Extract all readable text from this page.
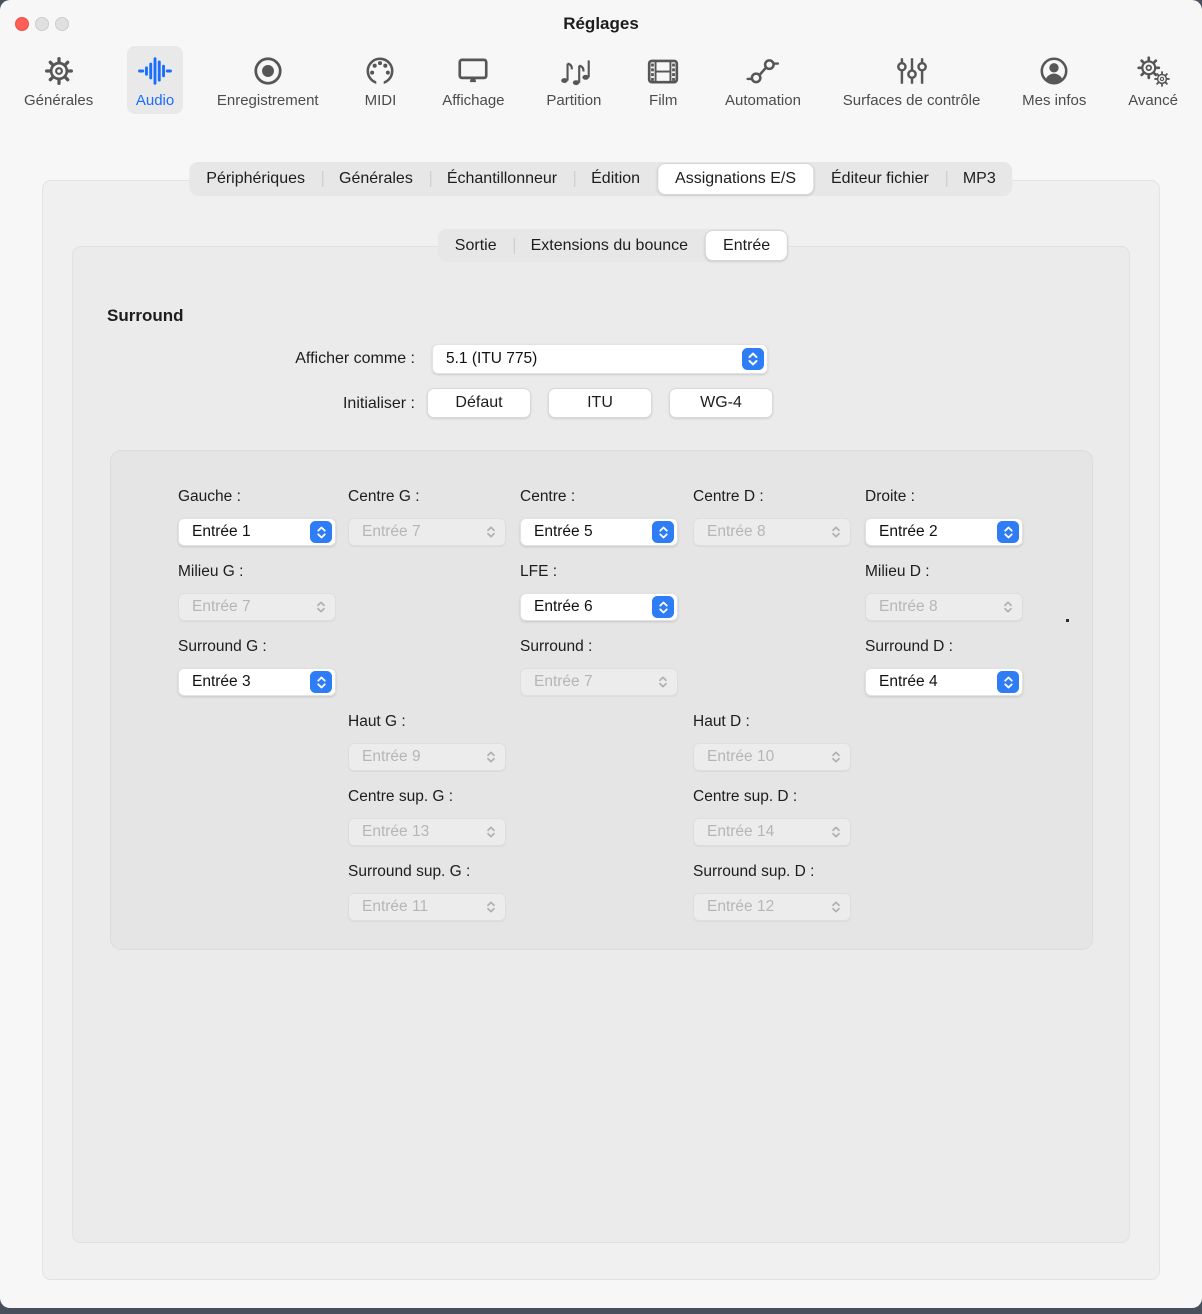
Réglages
Générales	Audio	Enregistrement	MIDI	Affichage	Partition	Film	Automation	Surfaces de contrôle	Mes infos	Avancé
Périphériques	Générales	Échantillonneur	Édition	Assignations E/S	Éditeur fichier	MP3
Sortie	Extensions du bounce	Entrée
Surround
Afficher comme :	5.1 (ITU 775)
Initialiser :	Défaut	ITU	WG-4
Gauche :
Entrée 1
Centre G :
Entrée 7
Centre :
Entrée 5
Centre D :
Entrée 8
Droite :
Entrée 2
Milieu G :
Entrée 7
LFE :
Entrée 6
Milieu D :
Entrée 8
Surround G :
Entrée 3
Surround :
Entrée 7
Surround D :
Entrée 4
Haut G :
Entrée 9
Haut D :
Entrée 10
Centre sup. G :
Entrée 13
Centre sup. D :
Entrée 14
Surround sup. G :
Entrée 11
Surround sup. D :
Entrée 12
